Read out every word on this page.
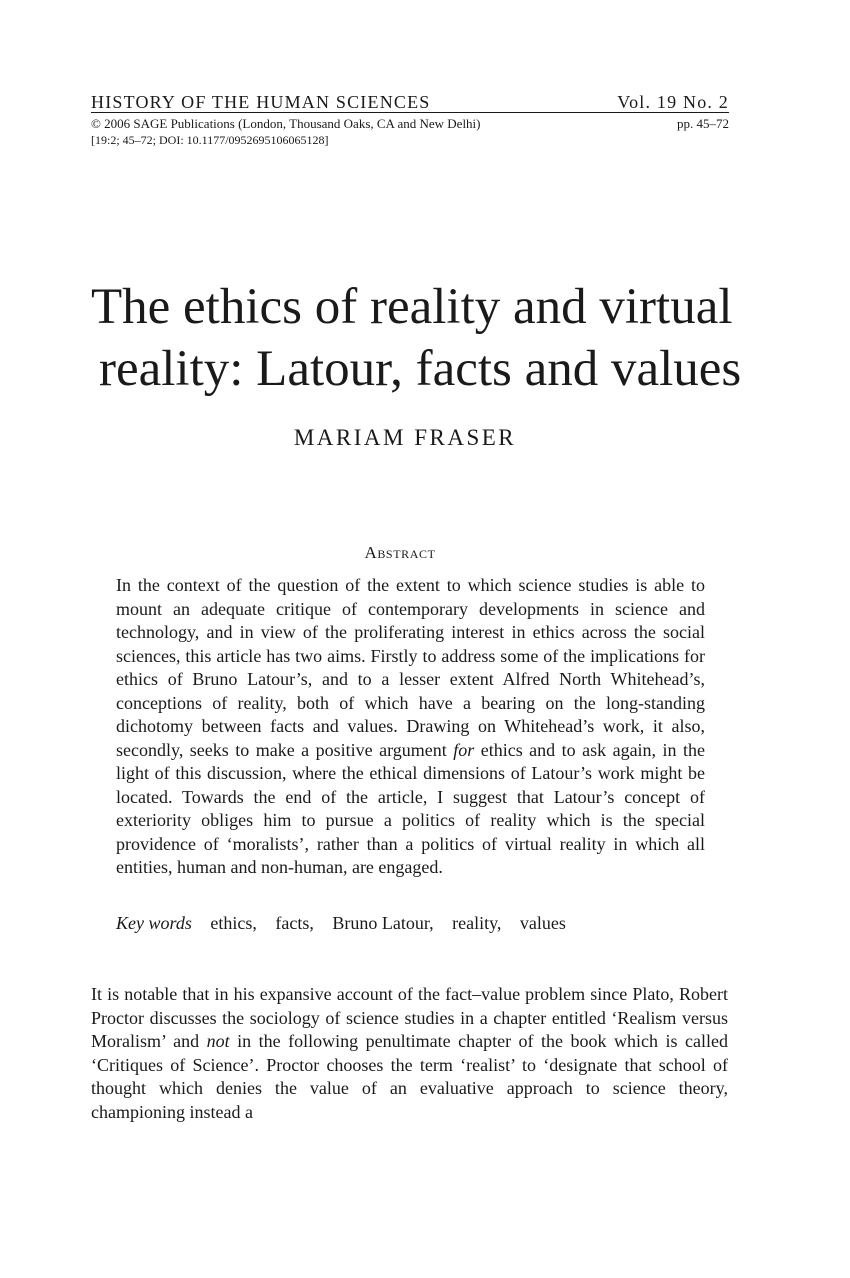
HISTORY OF THE HUMAN SCIENCES	Vol. 19 No. 2
© 2006 SAGE Publications (London, Thousand Oaks, CA and New Delhi)	pp. 45–72
[19:2; 45–72; DOI: 10.1177/0952695106065128]
The ethics of reality and virtual
reality: Latour, facts and values
MARIAM FRASER
Abstract

In the context of the question of the extent to which science studies is able to mount an adequate critique of contemporary developments in science and technology, and in view of the proliferating interest in ethics across the social sciences, this article has two aims. Firstly to address some of the implications for ethics of Bruno Latour’s, and to a lesser extent Alfred North Whitehead’s, conceptions of reality, both of which have a bearing on the long-standing dichotomy between facts and values. Drawing on Whitehead’s work, it also, secondly, seeks to make a positive argument for ethics and to ask again, in the light of this discussion, where the ethical dimensions of Latour’s work might be located. Towards the end of the article, I suggest that Latour’s concept of exteriority obliges him to pursue a politics of reality which is the special providence of ‘moralists’, rather than a politics of virtual reality in which all entities, human and non-human, are engaged.

Key words ethics, facts, Bruno Latour, reality, values

It is notable that in his expansive account of the fact–value problem since Plato, Robert Proctor discusses the sociology of science studies in a chapter entitled ‘Realism versus Moralism’ and not in the following penultimate chapter of the book which is called ‘Critiques of Science’. Proctor chooses the term ‘realist’ to ‘designate that school of thought which denies the value of an evaluative approach to science theory, championing instead a
